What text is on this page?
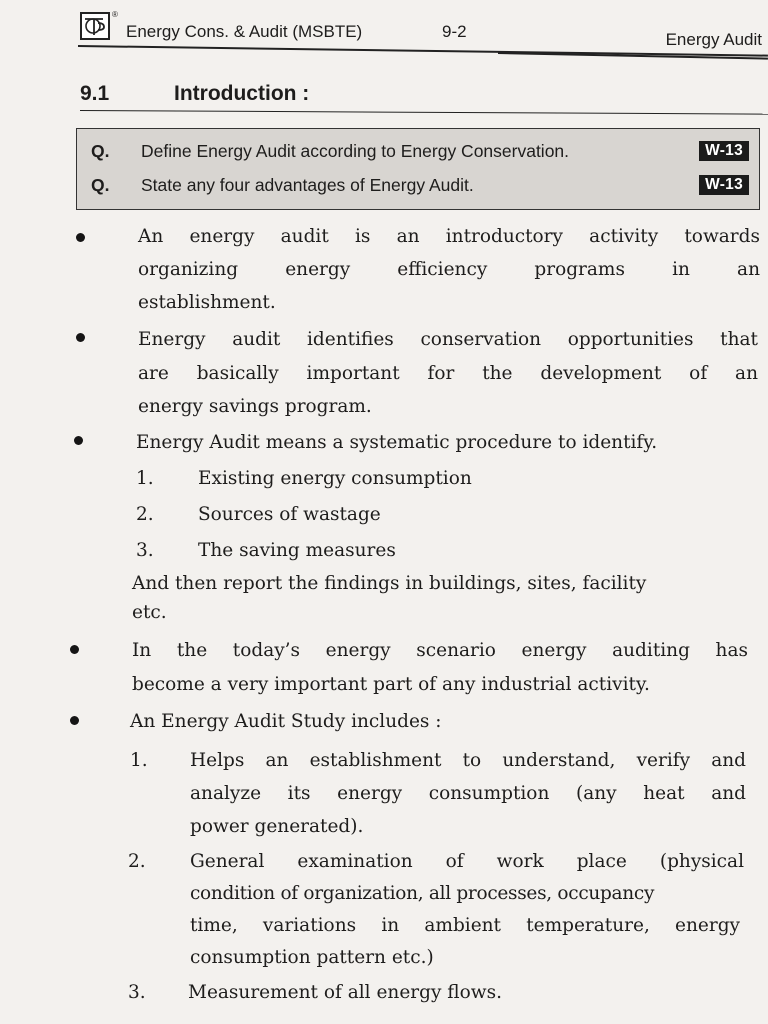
®
Energy Cons. & Audit (MSBTE)	9-2	Energy Audit
9.1	Introduction :
Q. Define Energy Audit according to Energy Conservation.	W-13
Q. State any four advantages of Energy Audit.	W-13
An energy audit is an introductory activity towards
organizing energy efficiency programs in an
establishment.
Energy audit identifies conservation opportunities that
are basically important for the development of an
energy savings program.
Energy Audit means a systematic procedure to identify.
1. Existing energy consumption
2. Sources of wastage
3. The saving measures
And then report the findings in buildings, sites, facility
etc.
In the today’s energy scenario energy auditing has
become a very important part of any industrial activity.
An Energy Audit Study includes :
1. Helps an establishment to understand, verify and
analyze its energy consumption (any heat and
power generated).
2. General examination of work place (physical
condition of organization, all processes, occupancy
time, variations in ambient temperature, energy
consumption pattern etc.)
3. Measurement of all energy flows.
